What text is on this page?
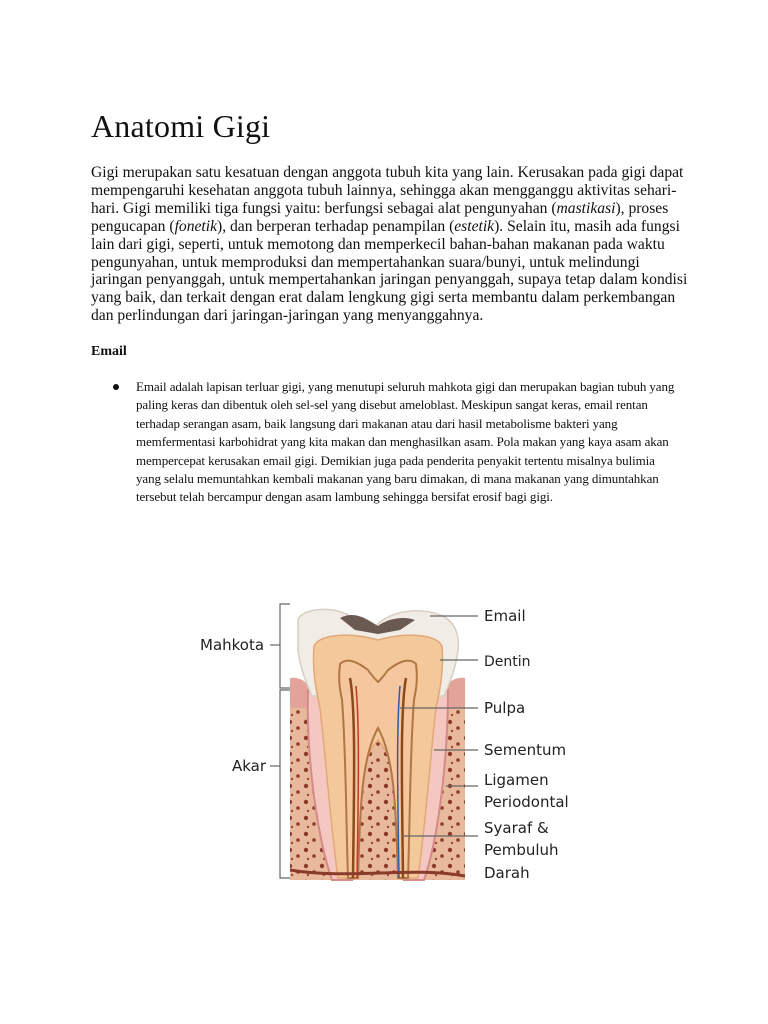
Anatomi Gigi

Gigi merupakan satu kesatuan dengan anggota tubuh kita yang lain. Kerusakan pada gigi dapat mempengaruhi kesehatan anggota tubuh lainnya, sehingga akan mengganggu aktivitas sehari-hari. Gigi memiliki tiga fungsi yaitu: berfungsi sebagai alat pengunyahan (mastikasi), proses pengucapan (fonetik), dan berperan terhadap penampilan (estetik). Selain itu, masih ada fungsi lain dari gigi, seperti, untuk memotong dan memperkecil bahan-bahan makanan pada waktu pengunyahan, untuk memproduksi dan mempertahankan suara/bunyi, untuk melindungi jaringan penyanggah, untuk mempertahankan jaringan penyanggah, supaya tetap dalam kondisi yang baik, dan terkait dengan erat dalam lengkung gigi serta membantu dalam perkembangan dan perlindungan dari jaringan-jaringan yang menyanggahnya.

Email
Email adalah lapisan terluar gigi, yang menutupi seluruh mahkota gigi dan merupakan bagian tubuh yang paling keras dan dibentuk oleh sel-sel yang disebut ameloblast. Meskipun sangat keras, email rentan terhadap serangan asam, baik langsung dari makanan atau dari hasil metabolisme bakteri yang memfermentasi karbohidrat yang kita makan dan menghasilkan asam. Pola makan yang kaya asam akan mempercepat kerusakan email gigi. Demikian juga pada penderita penyakit tertentu misalnya bulimia yang selalu memuntahkan kembali makanan yang baru dimakan, di mana makanan yang dimuntahkan tersebut telah bercampur dengan asam lambung sehingga bersifat erosif bagi gigi.
Mahkota
Akar
Email
Dentin
Pulpa
Sementum
Ligamen
Periodontal
Syaraf &
Pembuluh
Darah
